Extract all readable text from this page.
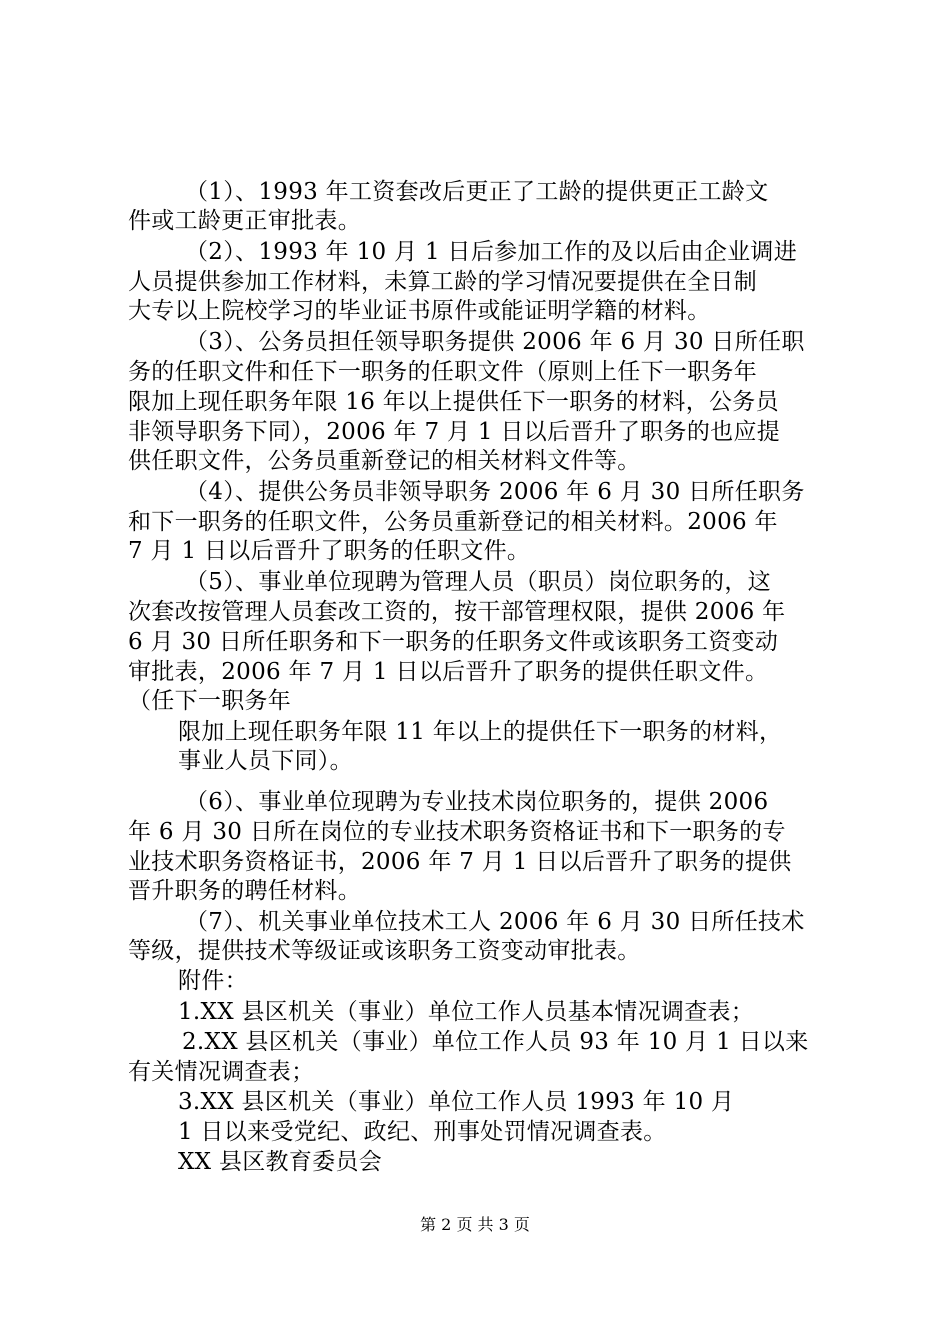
（1）、1993 年工资套改后更正了工龄的提供更正工龄文
件或工龄更正审批表。
（2）、1993 年 10 月 1 日后参加工作的及以后由企业调进
人员提供参加工作材料，未算工龄的学习情况要提供在全日制
大专以上院校学习的毕业证书原件或能证明学籍的材料。
（3）、公务员担任领导职务提供 2006 年 6 月 30 日所任职
务的任职文件和任下一职务的任职文件（原则上任下一职务年
限加上现任职务年限 16 年以上提供任下一职务的材料，公务员
非领导职务下同），2006 年 7 月 1 日以后晋升了职务的也应提
供任职文件，公务员重新登记的相关材料文件等。
（4）、提供公务员非领导职务 2006 年 6 月 30 日所任职务
和下一职务的任职文件，公务员重新登记的相关材料。2006 年
7 月 1 日以后晋升了职务的任职文件。
（5）、事业单位现聘为管理人员（职员）岗位职务的，这
次套改按管理人员套改工资的，按干部管理权限，提供 2006 年
6 月 30 日所任职务和下一职务的任职务文件或该职务工资变动
审批表，2006 年 7 月 1 日以后晋升了职务的提供任职文件。
（任下一职务年
限加上现任职务年限 11 年以上的提供任下一职务的材料，
事业人员下同）。
（6）、事业单位现聘为专业技术岗位职务的，提供 2006
年 6 月 30 日所在岗位的专业技术职务资格证书和下一职务的专
业技术职务资格证书，2006 年 7 月 1 日以后晋升了职务的提供
晋升职务的聘任材料。
（7）、机关事业单位技术工人 2006 年 6 月 30 日所任技术
等级，提供技术等级证或该职务工资变动审批表。
附件：
1.XX 县区机关（事业）单位工作人员基本情况调查表；
2.XX 县区机关（事业）单位工作人员 93 年 10 月 1 日以来
有关情况调查表；
3.XX 县区机关（事业）单位工作人员 1993 年 10 月
1 日以来受党纪、政纪、刑事处罚情况调查表。
XX 县区教育委员会
第 2 页 共 3 页
